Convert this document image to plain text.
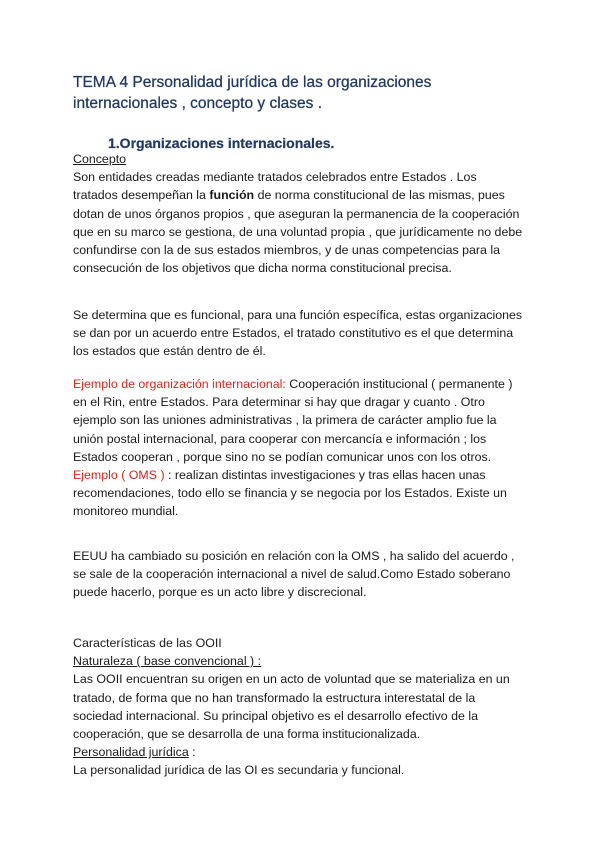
TEMA 4 Personalidad jurídica de las organizaciones internacionales , concepto y clases .
1.Organizaciones internacionales.

Concepto

Son entidades creadas mediante tratados celebrados entre Estados . Los tratados desempeñan la función de norma constitucional de las mismas, pues dotan de unos órganos propios , que aseguran la permanencia de la cooperación que en su marco se gestiona, de una voluntad propia , que jurídicamente no debe confundirse con la de sus estados miembros, y de unas competencias para la consecución de los objetivos que dicha norma constitucional precisa.

Se determina que es funcional, para una función específica, estas organizaciones se dan por un acuerdo entre Estados, el tratado constitutivo es el que determina los estados que están dentro de él.

Ejemplo de organización internacional: Cooperación institucional ( permanente ) en el Rin, entre Estados. Para determinar si hay que dragar y cuanto . Otro ejemplo son las uniones administrativas , la primera de carácter amplio fue la unión postal internacional, para cooperar con mercancía e información ; los Estados cooperan , porque sino no se podían comunicar unos con los otros.

Ejemplo ( OMS ) : realizan distintas investigaciones y tras ellas hacen unas recomendaciones, todo ello se financia y se negocia por los Estados. Existe un monitoreo mundial.

EEUU ha cambiado su posición en relación con la OMS , ha salido del acuerdo , se sale de la cooperación internacional a nivel de salud.Como Estado soberano puede hacerlo, porque es un acto libre y discrecional.

Características de las OOII

Naturaleza ( base convencional ) :

Las OOII encuentran su origen en un acto de voluntad que se materializa en un tratado, de forma que no han transformado la estructura interestatal de la sociedad internacional. Su principal objetivo es el desarrollo efectivo de la cooperación, que se desarrolla de una forma institucionalizada.

Personalidad jurídica :

La personalidad jurídica de las OI es secundaria y funcional.
